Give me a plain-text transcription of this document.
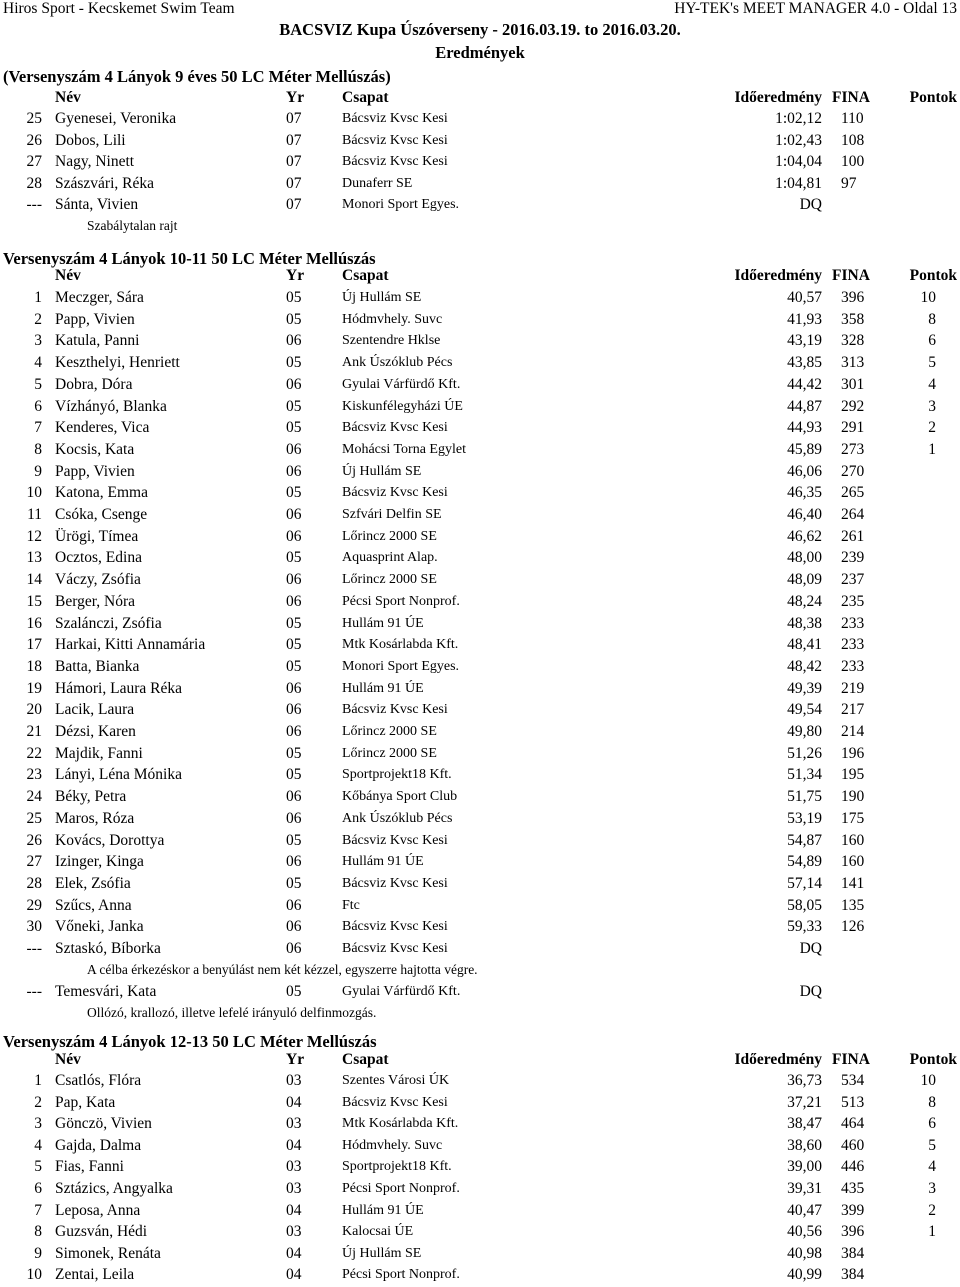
Hiros Sport - Kecskemet Swim Team	HY-TEK's MEET MANAGER 4.0 - Oldal 13
BACSVIZ Kupa Úszóverseny - 2016.03.19. to 2016.03.20.
Eredmények
(Versenyszám 4 Lányok 9 éves 50 LC Méter Mellúszás)
Név	Yr Csapat	Időeredmény FINA	Pontok
25 Gyenesei, Veronika	07	Bácsviz Kvsc Kesi	1:02,12 110
26 Dobos, Lili	07	Bácsviz Kvsc Kesi	1:02,43 108
27 Nagy, Ninett	07	Bácsviz Kvsc Kesi	1:04,04 100
28 Szászvári, Réka	07	Dunaferr SE	1:04,81 97
--- Sánta, Vivien	07	Monori Sport Egyes.	DQ
Szabálytalan rajt
Versenyszám 4 Lányok 10-11 50 LC Méter Mellúszás
Név	Yr Csapat	Időeredmény FINA	Pontok
1 Meczger, Sára	05	Új Hullám SE	40,57 396	10
2 Papp, Vivien	05	Hódmvhely. Suvc	41,93 358	8
3 Katula, Panni	06	Szentendre Hklse	43,19 328	6
4 Keszthelyi, Henriett	05	Ank Úszóklub Pécs	43,85 313	5
5 Dobra, Dóra	06	Gyulai Várfürdő Kft.	44,42 301	4
6 Vízhányó, Blanka	05	Kiskunfélegyházi ÚE	44,87 292	3
7 Kenderes, Vica	05	Bácsviz Kvsc Kesi	44,93 291	2
8 Kocsis, Kata	06	Mohácsi Torna Egylet	45,89 273	1
9 Papp, Vivien	06	Új Hullám SE	46,06 270
10 Katona, Emma	05	Bácsviz Kvsc Kesi	46,35 265
11 Csóka, Csenge	06	Szfvári Delfin SE	46,40 264
12 Ürögi, Tímea	06	Lőrincz 2000 SE	46,62 261
13 Ocztos, Edina	05	Aquasprint Alap.	48,00 239
14 Váczy, Zsófia	06	Lőrincz 2000 SE	48,09 237
15 Berger, Nóra	06	Pécsi Sport Nonprof.	48,24 235
16 Szalánczi, Zsófia	05	Hullám 91 ÚE	48,38 233
17 Harkai, Kitti Annamária	05	Mtk Kosárlabda Kft.	48,41 233
18 Batta, Bianka	05	Monori Sport Egyes.	48,42 233
19 Hámori, Laura Réka	06	Hullám 91 ÚE	49,39 219
20 Lacik, Laura	06	Bácsviz Kvsc Kesi	49,54 217
21 Dézsi, Karen	06	Lőrincz 2000 SE	49,80 214
22 Majdik, Fanni	05	Lőrincz 2000 SE	51,26 196
23 Lányi, Léna Mónika	05	Sportprojekt18 Kft.	51,34 195
24 Béky, Petra	06	Kőbánya Sport Club	51,75 190
25 Maros, Róza	06	Ank Úszóklub Pécs	53,19 175
26 Kovács, Dorottya	05	Bácsviz Kvsc Kesi	54,87 160
27 Izinger, Kinga	06	Hullám 91 ÚE	54,89 160
28 Elek, Zsófia	05	Bácsviz Kvsc Kesi	57,14 141
29 Szűcs, Anna	06	Ftc	58,05 135
30 Vőneki, Janka	06	Bácsviz Kvsc Kesi	59,33 126
--- Sztaskó, Bíborka	06	Bácsviz Kvsc Kesi	DQ
A célba érkezéskor a benyúlást nem két kézzel, egyszerre hajtotta végre.
--- Temesvári, Kata	05	Gyulai Várfürdő Kft.	DQ
Ollózó, krallozó, illetve lefelé irányuló delfinmozgás.
Versenyszám 4 Lányok 12-13 50 LC Méter Mellúszás
Név	Yr Csapat	Időeredmény FINA	Pontok
1 Csatlós, Flóra	03	Szentes Városi ÚK	36,73 534	10
2 Pap, Kata	04	Bácsviz Kvsc Kesi	37,21 513	8
3 Gönczö, Vivien	03	Mtk Kosárlabda Kft.	38,47 464	6
4 Gajda, Dalma	04	Hódmvhely. Suvc	38,60 460	5
5 Fias, Fanni	03	Sportprojekt18 Kft.	39,00 446	4
6 Sztázics, Angyalka	03	Pécsi Sport Nonprof.	39,31 435	3
7 Leposa, Anna	04	Hullám 91 ÚE	40,47 399	2
8 Guzsván, Hédi	03	Kalocsai ÚE	40,56 396	1
9 Simonek, Renáta	04	Új Hullám SE	40,98 384
10 Zentai, Leila	04	Pécsi Sport Nonprof.	40,99 384
